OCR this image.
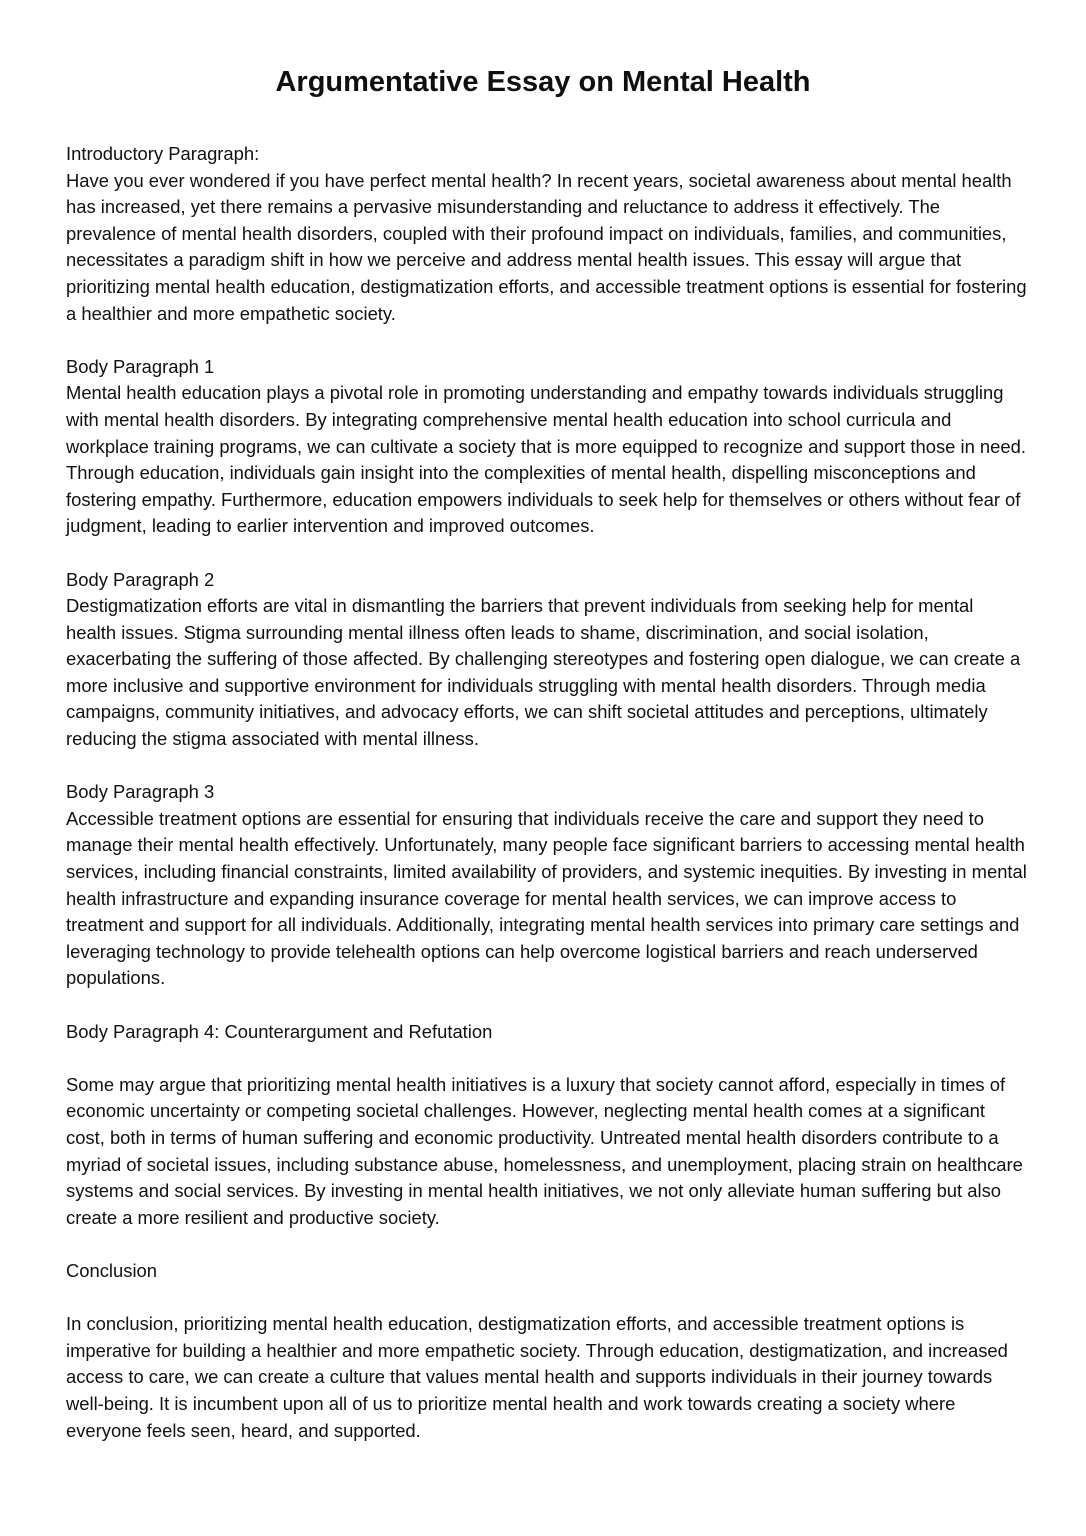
Argumentative Essay on Mental Health

Introductory Paragraph:

Have you ever wondered if you have perfect mental health? In recent years, societal awareness about mental health has increased, yet there remains a pervasive misunderstanding and reluctance to address it effectively. The prevalence of mental health disorders, coupled with their profound impact on individuals, families, and communities, necessitates a paradigm shift in how we perceive and address mental health issues. This essay will argue that prioritizing mental health education, destigmatization efforts, and accessible treatment options is essential for fostering a healthier and more empathetic society.

Body Paragraph 1

Mental health education plays a pivotal role in promoting understanding and empathy towards individuals struggling with mental health disorders. By integrating comprehensive mental health education into school curricula and workplace training programs, we can cultivate a society that is more equipped to recognize and support those in need. Through education, individuals gain insight into the complexities of mental health, dispelling misconceptions and fostering empathy. Furthermore, education empowers individuals to seek help for themselves or others without fear of judgment, leading to earlier intervention and improved outcomes.

Body Paragraph 2

Destigmatization efforts are vital in dismantling the barriers that prevent individuals from seeking help for mental health issues. Stigma surrounding mental illness often leads to shame, discrimination, and social isolation, exacerbating the suffering of those affected. By challenging stereotypes and fostering open dialogue, we can create a more inclusive and supportive environment for individuals struggling with mental health disorders. Through media campaigns, community initiatives, and advocacy efforts, we can shift societal attitudes and perceptions, ultimately reducing the stigma associated with mental illness.

Body Paragraph 3

Accessible treatment options are essential for ensuring that individuals receive the care and support they need to manage their mental health effectively. Unfortunately, many people face significant barriers to accessing mental health services, including financial constraints, limited availability of providers, and systemic inequities. By investing in mental health infrastructure and expanding insurance coverage for mental health services, we can improve access to treatment and support for all individuals. Additionally, integrating mental health services into primary care settings and leveraging technology to provide telehealth options can help overcome logistical barriers and reach underserved populations.

Body Paragraph 4: Counterargument and Refutation

Some may argue that prioritizing mental health initiatives is a luxury that society cannot afford, especially in times of economic uncertainty or competing societal challenges. However, neglecting mental health comes at a significant cost, both in terms of human suffering and economic productivity. Untreated mental health disorders contribute to a myriad of societal issues, including substance abuse, homelessness, and unemployment, placing strain on healthcare systems and social services. By investing in mental health initiatives, we not only alleviate human suffering but also create a more resilient and productive society.

Conclusion

In conclusion, prioritizing mental health education, destigmatization efforts, and accessible treatment options is imperative for building a healthier and more empathetic society. Through education, destigmatization, and increased access to care, we can create a culture that values mental health and supports individuals in their journey towards well-being. It is incumbent upon all of us to prioritize mental health and work towards creating a society where everyone feels seen, heard, and supported.
